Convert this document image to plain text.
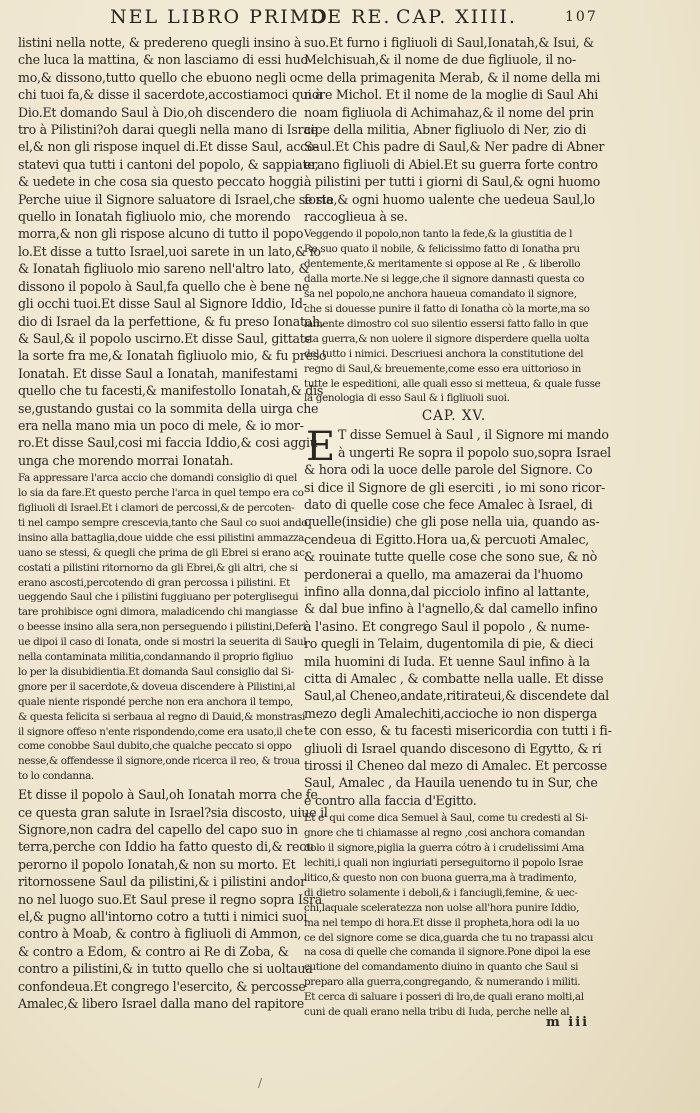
NEL LIBRO PRIMO
DE RE. CAP. XIIII.	107
listini nella notte, & predereno quegli insino à
che luca la mattina, & non lasciamo di essi huo
mo,& dissono,tutto quello che ebuono negli oc
chi tuoi fa,& disse il sacerdote,accostiamoci qui à
Dio.Et domando Saul à Dio,oh discendero die
tro à Pilistini?oh darai quegli nella mano di Israe
el,& non gli rispose inquel di.Et disse Saul, acco-
statevi qua tutti i cantoni del popolo, & sappiate,
& uedete in che cosa sia questo peccato hoggi.
Perche uiue il Signore saluatore di Israel,che se sia
quello in Ionatah figliuolo mio, che morendo
morra,& non gli rispose alcuno di tutto il popo
lo.Et disse a tutto Israel,uoi sarete in un lato,& io
& Ionatah figliuolo mio sareno nell'altro lato, &
dissono il popolo à Saul,fa quello che è bene ne
gli occhi tuoi.Et disse Saul al Signore Iddio, Id-
dio di Israel da la perfettione, & fu preso Ionatah,
& Saul,& il popolo uscirno.Et disse Saul, gittate
la sorte fra me,& Ionatah figliuolo mio, & fu preso
Ionatah. Et disse Saul a Ionatah, manifestami
quello che tu facesti,& manifestollo Ionatah,& dis
se,gustando gustai co la sommita della uirga che
era nella mano mia un poco di mele, & io mor-
ro.Et disse Saul,cosi mi faccia Iddio,& cosi aggiu
unga che morendo morrai Ionatah.
Fa appressare l'arca accio che domandi consiglio di quel
lo sia da fare.Et questo perche l'arca in quel tempo era co
figliuoli di Israel.Et i clamori de percossi,& de percoten-
ti nel campo sempre crescevia,tanto che Saul co suoi ando
insino alla battaglia,doue uidde che essi pilistini ammazza
uano se stessi, & quegli che prima de gli Ebrei si erano ac-
costati a pilistini ritornorno da gli Ebrei,& gli altri, che si
erano ascosti,percotendo di gran percossa i pilistini. Et
ueggendo Saul che i pilistini fuggiuano per poterglisegui
tare prohibisce ogni dimora, maladicendo chi mangiasse
o beesse insino alla sera,non perseguendo i pilistini,Deferi
ue dipoi il caso di Ionata, onde si mostri la seuerita di Saul
nella contaminata militia,condannando il proprio figliuo
lo per la disubidientia.Et domanda Saul consiglio dal Si-
gnore per il sacerdote,& doveua discendere à Pilistini,al
quale niente rispondé perche non era anchora il tempo,
& questa felicita si serbaua al regno di Dauid,& monstrasi
il signore offeso n'ente rispondendo,come era usato,il che
come conobbe Saul dubito,che qualche peccato si oppo
nesse,& offendesse il signore,onde ricerca il reo, & troua
to lo condanna.
Et disse il popolo à Saul,oh Ionatah morra che fe
ce questa gran salute in Israel?sia discosto, uiue il
Signore,non cadra del capello del capo suo in
terra,perche con Iddio ha fatto questo di,& recu
perorno il popolo Ionatah,& non su morto. Et
ritornossene Saul da pilistini,& i pilistini andor
no nel luogo suo.Et Saul prese il regno sopra Isra
el,& pugno all'intorno cotro a tutti i nimici suoi
contro à Moab, & contro à figliuoli di Ammon,
& contro a Edom, & contro ai Re di Zoba, &
contro a pilistini,& in tutto quello che si uoltaua
confondeua.Et congrego l'esercito, & percosse
Amalec,& libero Israel dalla mano del rapitore
suo.Et furno i figliuoli di Saul,Ionatah,& Isui, &
Melchisuah,& il nome de due figliuole, il no-
me della primagenita Merab, & il nome della mi
nore Michol. Et il nome de la moglie di Saul Ahi
noam figliuola di Achimahaz,& il nome del prin
cipe della militia, Abner figliuolo di Ner, zio di
Saul.Et Chis padre di Saul,& Ner padre di Abner
erano figliuoli di Abiel.Et su guerra forte contro
à pilistini per tutti i giorni di Saul,& ogni huomo
forte,& ogni huomo ualente che uedeua Saul,lo
raccoglieua à se.
Veggendo il popolo,non tanto la fede,& la giustitia de l
Re suo quato il nobile, & felicissimo fatto di Ionatha pru
dentemente,& meritamente si oppose al Re , & liberollo
dalla morte.Ne si legge,che il signore dannasti questa co
sa nel popolo,ne anchora haueua comandato il signore,
che si douesse punire il fatto di Ionatha cò la morte,ma so
lamente dimostro col suo silentio essersi fatto fallo in que
sta guerra,& non uolere il signore disperdere quella uolta
del tutto i nimici. Descriuesi anchora la constitutione del
regno di Saul,& breuemente,come esso era uittorioso in
tutte le espeditioni, alle quali esso si metteua, & quale fusse
la genologia di esso Saul & i figliuoli suoi.
CAP. XV.
E T disse Semuel à Saul , il Signore mi mando
à ungerti Re sopra il popolo suo,sopra Israel
& hora odi la uoce delle parole del Signore. Co
si dice il Signore de gli eserciti , io mi sono ricor-
dato di quelle cose che fece Amalec à Israel, di
quelle(insidie) che gli pose nella uia, quando as-
cendeua di Egitto.Hora ua,& percuoti Amalec,
& rouinate tutte quelle cose che sono sue, & nò
perdonerai a quello, ma amazerai da l'huomo
infino alla donna,dal picciolo infino al lattante,
& dal bue infino à l'agnello,& dal camello infino
à l'asino. Et congrego Saul il popolo , & nume-
ro quegli in Telaim, dugentomila di pie, & dieci
mila huomini di Iuda. Et uenne Saul infino à la
citta di Amalec , & combatte nella ualle. Et disse
Saul,al Cheneo,andate,ritirateui,& discendete dal
mezo degli Amalechiti,accioche io non disperga
te con esso, & tu facesti misericordia con tutti i fi-
gliuoli di Israel quando discesono di Egytto, & ri
tirossi il Cheneo dal mezo di Amalec. Et percosse
Saul, Amalec , da Hauila uenendo tu in Sur, che
è contro alla faccia d'Egitto.
Et e' qui come dica Semuel à Saul, come tu credesti al Si-
gnore che ti chiamasse al regno ,cosi anchora comandan
dolo il signore,piglia la guerra cótro à i crudelissimi Ama
lechiti,i quali non ingiuriati perseguitorno il popolo Israe
litico,& questo non con buona guerra,ma à tradimento,
di dietro solamente i deboli,& i fanciugli,femine, & uec-
chi,laquale sceleratezza non uolse all'hora punire Iddio,
ma nel tempo di hora.Et disse il propheta,hora odi la uo
ce del signore come se dica,guarda che tu no trapassi alcu
na cosa di quelle che comanda il signore.Pone dipoi la ese
cutione del comandamento diuino in quanto che Saul si
preparo alla guerra,congregando, & numerando i militi.
Et cerca di saluare i posseri di lro,de quali erano molti,al
cuni de quali erano nella tribu di Iuda, perche nelle al
m iii
/
